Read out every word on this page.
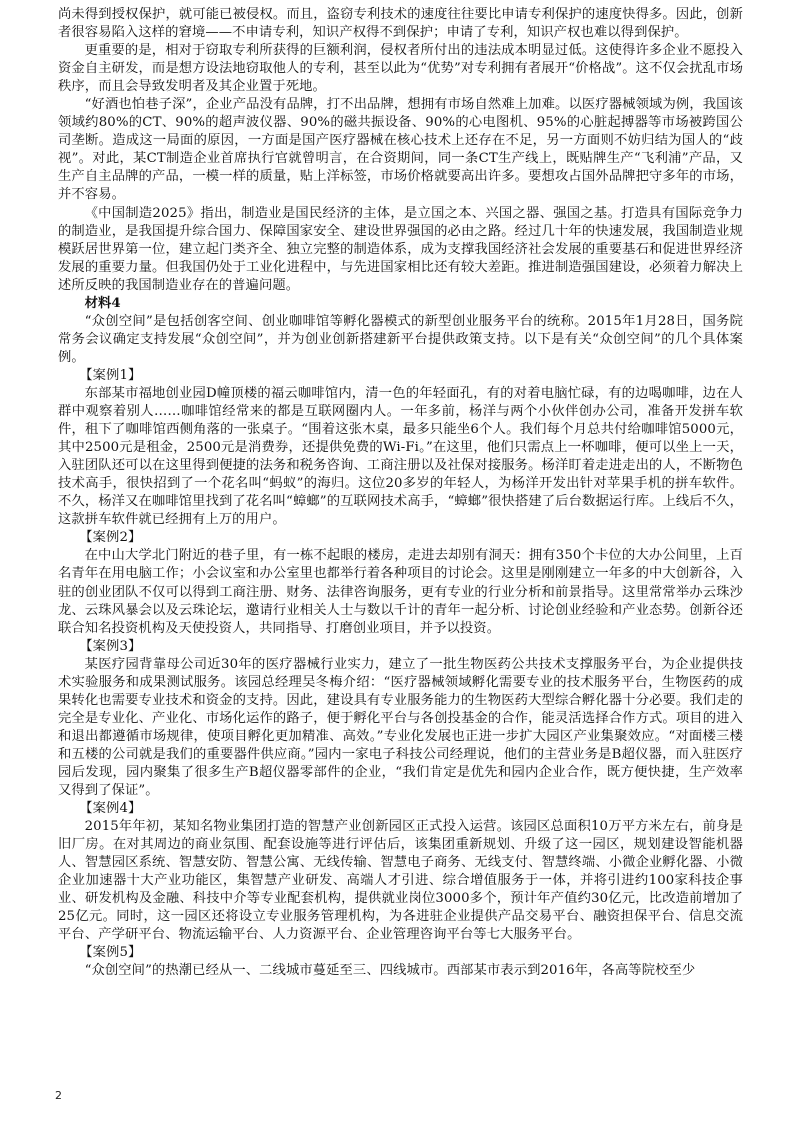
尚未得到授权保护，就可能已被侵权。而且，盗窃专利技术的速度往往要比申请专利保护的速度快得多。因此，创新者很容易陷入这样的窘境——不申请专利，知识产权得不到保护；申请了专利，知识产权也难以得到保护。

更重要的是，相对于窃取专利所获得的巨额利润，侵权者所付出的违法成本明显过低。这使得许多企业不愿投入资金自主研发，而是想方设法地窃取他人的专利，甚至以此为“优势”对专利拥有者展开“价格战”。这不仅会扰乱市场秩序，而且会导致发明者及其企业置于死地。

“好酒也怕巷子深”，企业产品没有品牌，打不出品牌，想拥有市场自然难上加难。以医疗器械领域为例，我国该领域约80%的CT、90%的超声波仪器、90%的磁共振设备、90%的心电图机、95%的心脏起搏器等市场被跨国公司垄断。造成这一局面的原因，一方面是国产医疗器械在核心技术上还存在不足，另一方面则不妨归结为国人的“歧视”。对此，某CT制造企业首席执行官就曾明言，在合资期间，同一条CT生产线上，既贴牌生产“飞利浦”产品，又生产自主品牌的产品，一模一样的质量，贴上洋标签，市场价格就要高出许多。要想攻占国外品牌把守多年的市场，并不容易。

《中国制造2025》指出，制造业是国民经济的主体，是立国之本、兴国之器、强国之基。打造具有国际竞争力的制造业，是我国提升综合国力、保障国家安全、建设世界强国的必由之路。经过几十年的快速发展，我国制造业规模跃居世界第一位，建立起门类齐全、独立完整的制造体系，成为支撑我国经济社会发展的重要基石和促进世界经济发展的重要力量。但我国仍处于工业化进程中，与先进国家相比还有较大差距。推进制造强国建设，必须着力解决上述所反映的我国制造业存在的普遍问题。

材料4

“众创空间”是包括创客空间、创业咖啡馆等孵化器模式的新型创业服务平台的统称。2015年1月28日，国务院常务会议确定支持发展“众创空间”，并为创业创新搭建新平台提供政策支持。以下是有关“众创空间”的几个具体案例。

【案例1】

东部某市福地创业园D幢顶楼的福云咖啡馆内，清一色的年轻面孔，有的对着电脑忙碌，有的边喝咖啡，边在人群中观察着别人……咖啡馆经常来的都是互联网圈内人。一年多前，杨洋与两个小伙伴创办公司，准备开发拼车软件，租下了咖啡馆西侧角落的一张桌子。“围着这张木桌，最多只能坐6个人。我们每个月总共付给咖啡馆5000元，其中2500元是租金，2500元是消费券，还提供免费的Wi-Fi。”在这里，他们只需点上一杯咖啡，便可以坐上一天，入驻团队还可以在这里得到便捷的法务和税务咨询、工商注册以及社保对接服务。杨洋盯着走进走出的人，不断物色技术高手，很快招到了一个花名叫“蚂蚁”的海归。这位20多岁的年轻人，为杨洋开发出针对苹果手机的拼车软件。不久，杨洋又在咖啡馆里找到了花名叫“蟑螂”的互联网技术高手，“蟑螂”很快搭建了后台数据运行库。上线后不久，这款拼车软件就已经拥有上万的用户。

【案例2】

在中山大学北门附近的巷子里，有一栋不起眼的楼房，走进去却别有洞天：拥有350个卡位的大办公间里，上百名青年在用电脑工作；小会议室和办公室里也都举行着各种项目的讨论会。这里是刚刚建立一年多的中大创新谷，入驻的创业团队不仅可以得到工商注册、财务、法律咨询服务，更有专业的行业分析和前景指导。这里常常举办云珠沙龙、云珠风暴会以及云珠论坛，邀请行业相关人士与数以千计的青年一起分析、讨论创业经验和产业态势。创新谷还联合知名投资机构及天使投资人，共同指导、打磨创业项目，并予以投资。

【案例3】

某医疗园背靠母公司近30年的医疗器械行业实力，建立了一批生物医药公共技术支撑服务平台，为企业提供技术实验服务和成果测试服务。该园总经理吴冬梅介绍：“医疗器械领域孵化需要专业的技术服务平台，生物医药的成果转化也需要专业技术和资金的支持。因此，建设具有专业服务能力的生物医药大型综合孵化器十分必要。我们走的完全是专业化、产业化、市场化运作的路子，便于孵化平台与各创投基金的合作，能灵活选择合作方式。项目的进入和退出都遵循市场规律，使项目孵化更加精准、高效。”专业化发展也正进一步扩大园区产业集聚效应。“对面楼三楼和五楼的公司就是我们的重要器件供应商。”园内一家电子科技公司经理说，他们的主营业务是B超仪器，而入驻医疗园后发现，园内聚集了很多生产B超仪器零部件的企业，“我们肯定是优先和园内企业合作，既方便快捷，生产效率又得到了保证”。

【案例4】

2015年年初，某知名物业集团打造的智慧产业创新园区正式投入运营。该园区总面积10万平方米左右，前身是旧厂房。在对其周边的商业氛围、配套设施等进行评估后，该集团重新规划、升级了这一园区，规划建设智能机器人、智慧园区系统、智慧安防、智慧公寓、无线传输、智慧电子商务、无线支付、智慧终端、小微企业孵化器、小微企业加速器十大产业功能区，集智慧产业研发、高端人才引进、综合增值服务于一体，并将引进约100家科技企事业、研发机构及金融、科技中介等专业配套机构，提供就业岗位3000多个，预计年产值约30亿元，比改造前增加了25亿元。同时，这一园区还将设立专业服务管理机构，为各进驻企业提供产品交易平台、融资担保平台、信息交流平台、产学研平台、物流运输平台、人力资源平台、企业管理咨询平台等七大服务平台。

【案例5】

“众创空间”的热潮已经从一、二线城市蔓延至三、四线城市。西部某市表示到2016年，各高等院校至少

2
